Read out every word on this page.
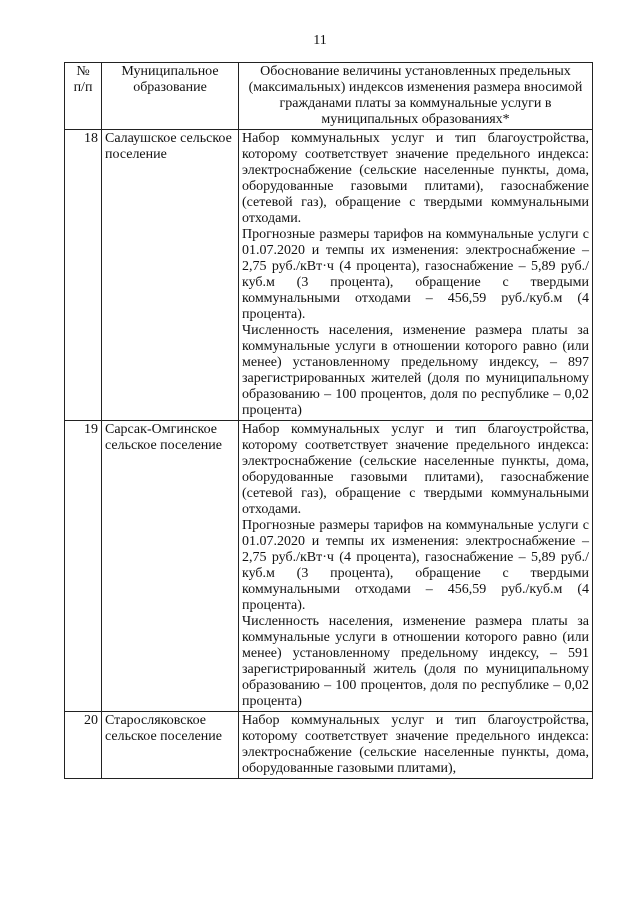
11
№
п/п	Муниципальное образование	Обоснование величины установленных предельных (максимальных) индексов изменения размера вносимой гражданами платы за коммунальные услуги в муниципальных образованиях*
18	Салаушское сельское поселение	Набор коммунальных услуг и тип благоустройства, которому соответствует значение предельного индекса: электроснабжение (сельские населенные пункты, дома, оборудованные газовыми плитами), газоснабжение (сетевой газ), обращение с твердыми коммунальными отходами.

Прогнозные размеры тарифов на коммунальные услуги с 01.07.2020 и темпы их изменения: электроснабжение – 2,75 руб./кВт·ч (4 процента), газоснабжение – 5,89 руб./куб.м (3 процента), обращение с твердыми коммунальными отходами – 456,59 руб./куб.м (4 процента).

Численность населения, изменение размера платы за коммунальные услуги в отношении которого равно (или менее) установленному предельному индексу, – 897 зарегистрированных жителей (доля по муниципальному образованию – 100 процентов, доля по республике – 0,02 процента)

19	Сарсак-Омгинское сельское поселение	Набор коммунальных услуг и тип благоустройства, которому соответствует значение предельного индекса: электроснабжение (сельские населенные пункты, дома, оборудованные газовыми плитами), газоснабжение (сетевой газ), обращение с твердыми коммунальными отходами.

Прогнозные размеры тарифов на коммунальные услуги с 01.07.2020 и темпы их изменения: электроснабжение – 2,75 руб./кВт·ч (4 процента), газоснабжение – 5,89 руб./куб.м (3 процента), обращение с твердыми коммунальными отходами – 456,59 руб./куб.м (4 процента).

Численность населения, изменение размера платы за коммунальные услуги в отношении которого равно (или менее) установленному предельному индексу, – 591 зарегистрированный житель (доля по муниципальному образованию – 100 процентов, доля по республике – 0,02 процента)

20	Старосляковское сельское поселение	Набор коммунальных услуг и тип благоустройства, которому соответствует значение предельного индекса: электроснабжение (сельские населенные пункты, дома, оборудованные газовыми плитами),
